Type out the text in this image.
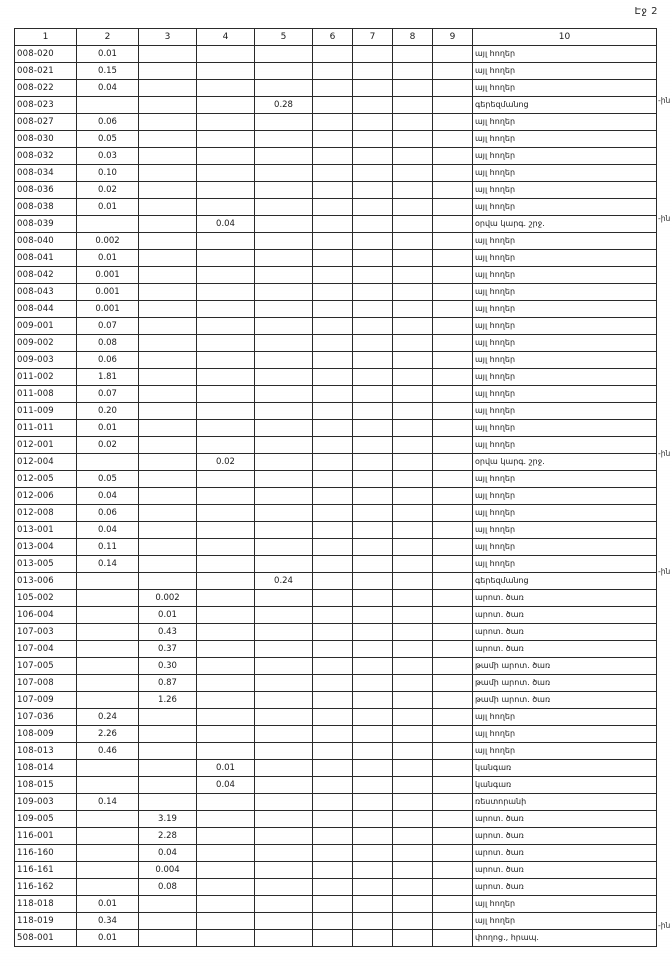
Էջ 2
1	2	3	4	5	6	7	8	9	10
008-020	0.01								այլ հողեր
008-021	0.15								այլ հողեր
008-022	0.04								այլ հողեր
008-023				0.28					գերեզմանոց
008-027	0.06								այլ հողեր
008-030	0.05								այլ հողեր
008-032	0.03								այլ հողեր
008-034	0.10								այլ հողեր
008-036	0.02								այլ հողեր
008-038	0.01								այլ հողեր
008-039			0.04						օրվա կարգ. շրջ.
008-040	0.002								այլ հողեր
008-041	0.01								այլ հողեր
008-042	0.001								այլ հողեր
008-043	0.001								այլ հողեր
008-044	0.001								այլ հողեր
009-001	0.07								այլ հողեր
009-002	0.08								այլ հողեր
009-003	0.06								այլ հողեր
011-002	1.81								այլ հողեր
011-008	0.07								այլ հողեր
011-009	0.20								այլ հողեր
011-011	0.01								այլ հողեր
012-001	0.02								այլ հողեր
012-004			0.02						օրվա կարգ. շրջ.
012-005	0.05								այլ հողեր
012-006	0.04								այլ հողեր
012-008	0.06								այլ հողեր
013-001	0.04								այլ հողեր
013-004	0.11								այլ հողեր
013-005	0.14								այլ հողեր
013-006				0.24					գերեզմանոց
105-002		0.002							արոտ. ծառ
106-004		0.01							արոտ. ծառ
107-003		0.43							արոտ. ծառ
107-004		0.37							արոտ. ծառ
107-005		0.30							թամի արոտ. ծառ
107-008		0.87							թամի արոտ. ծառ
107-009		1.26							թամի արոտ. ծառ
107-036	0.24								այլ հողեր
108-009	2.26								այլ հողեր
108-013	0.46								այլ հողեր
108-014			0.01						կանգառ
108-015			0.04						կանգառ
109-003	0.14								ռեստորանի
109-005		3.19							արոտ. ծառ
116-001		2.28							արոտ. ծառ
116-160		0.04							արոտ. ծառ
116-161		0.004							արոտ. ծառ
116-162		0.08							արոտ. ծառ
118-018	0.01								այլ հողեր
118-019	0.34								այլ հողեր
508-001	0.01								փողոց., հրապ.
-ին
-ին
-ին
-ին
-ին
